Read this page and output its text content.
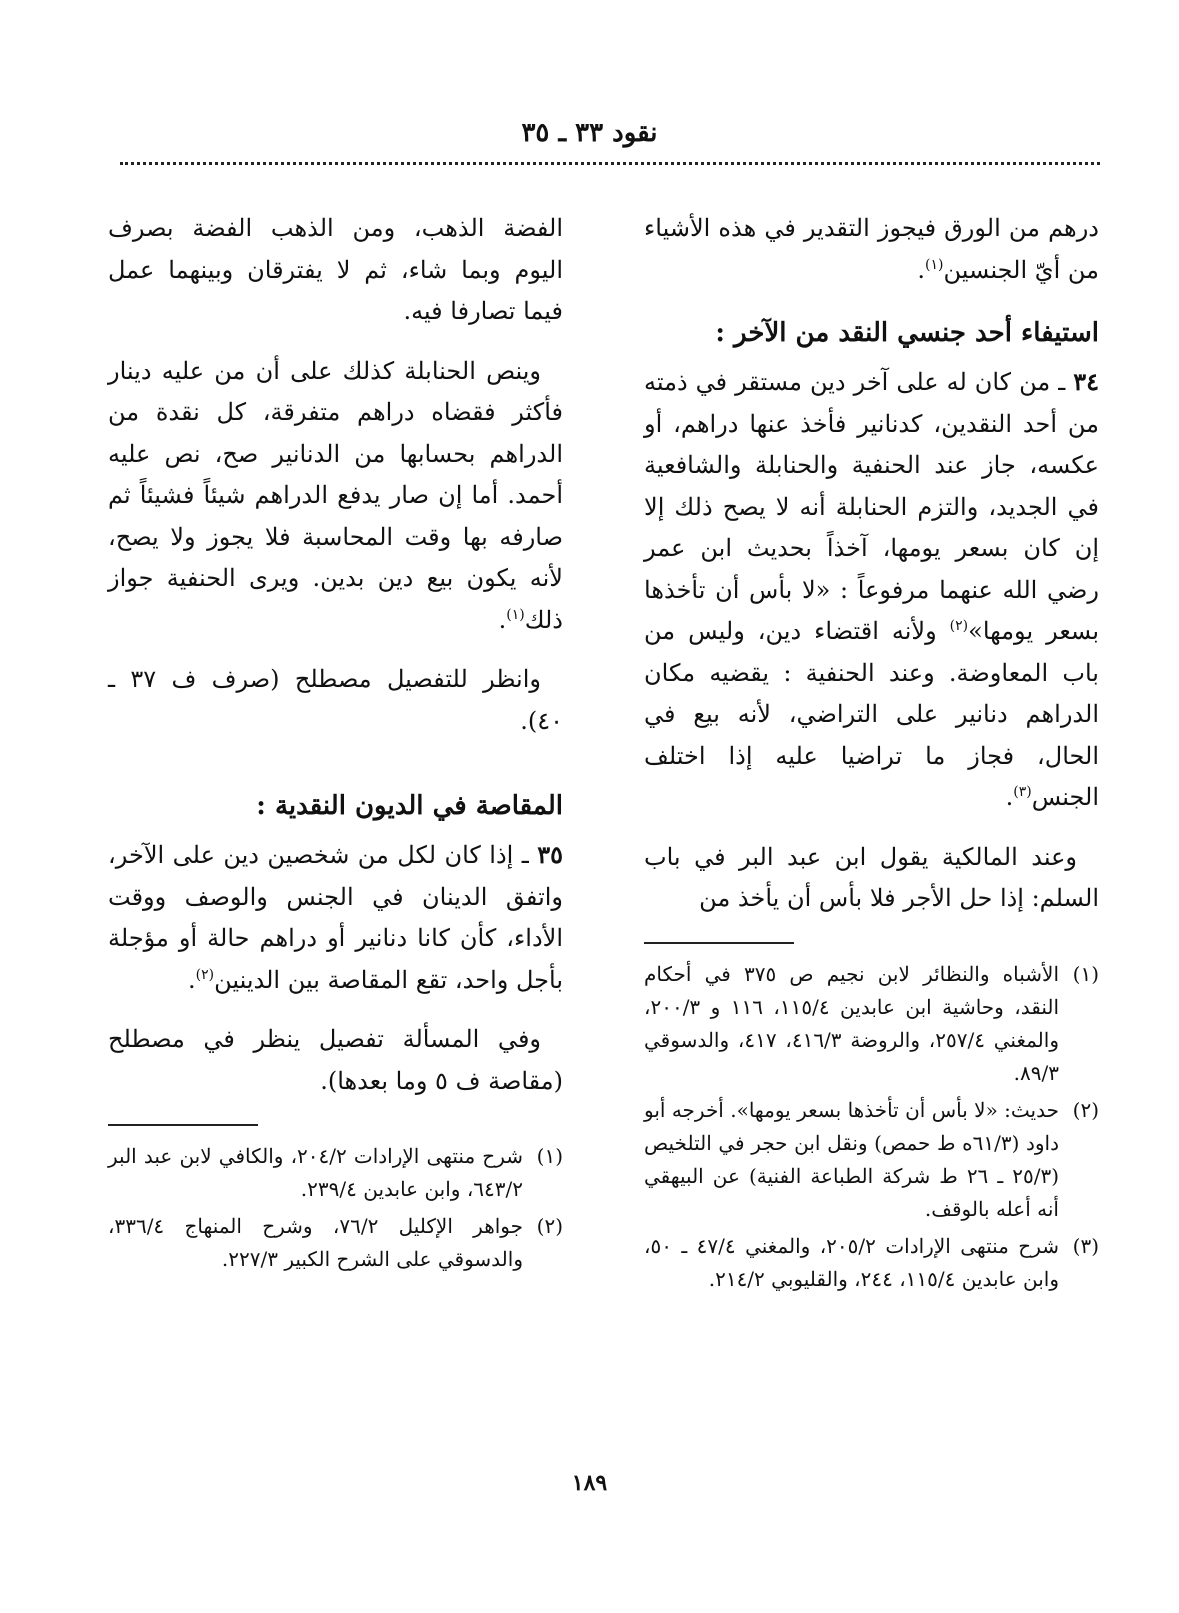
نقود ٣٣ ـ ٣٥

درهم من الورق فيجوز التقدير في هذه الأشياء من أيّ الجنسين$^{(١)}$.

استيفاء أحد جنسي النقد من الآخر :

٣٤ ـ من كان له على آخر دين مستقر في ذمته من أحد النقدين، كدنانير فأخذ عنها دراهم، أو عكسه، جاز عند الحنفية والحنابلة والشافعية في الجديد، والتزم الحنابلة أنه لا يصح ذلك إلا إن كان بسعر يومها، آخذاً بحديث ابن عمر رضي الله عنهما مرفوعاً : «لا بأس أن تأخذها بسعر يومها»$^{(٢)}$ ولأنه اقتضاء دين، وليس من باب المعاوضة. وعند الحنفية : يقضيه مكان الدراهم دنانير على التراضي، لأنه بيع في الحال، فجاز ما تراضيا عليه إذا اختلف الجنس$^{(٣)}$.

وعند المالكية يقول ابن عبد البر في باب السلم: إذا حل الأجر فلا بأس أن يأخذ من

(١)
الأشباه والنظائر لابن نجيم ص ٣٧٥ في أحكام النقد، وحاشية ابن عابدين ١١٥/٤، ١١٦ و ٢٠٠/٣، والمغني ٢٥٧/٤، والروضة ٤١٦/٣، ٤١٧، والدسوقي ٨٩/٣.
(٢)
حديث: «لا بأس أن تأخذها بسعر يومها». أخرجه أبو داود (٦١/٣ه ط حمص) ونقل ابن حجر في التلخيص (٢٥/٣ ـ ٢٦ ط شركة الطباعة الفنية) عن البيهقي أنه أعله بالوقف.
(٣)
شرح منتهى الإرادات ٢٠٥/٢، والمغني ٤٧/٤ ـ ٥٠، وابن عابدين ١١٥/٤، ٢٤٤، والقليوبي ٢١٤/٢.

الفضة الذهب، ومن الذهب الفضة بصرف اليوم وبما شاء، ثم لا يفترقان وبينهما عمل فيما تصارفا فيه.

وينص الحنابلة كذلك على أن من عليه دينار فأكثر فقضاه دراهم متفرقة، كل نقدة من الدراهم بحسابها من الدنانير صح، نص عليه أحمد. أما إن صار يدفع الدراهم شيئاً فشيئاً ثم صارفه بها وقت المحاسبة فلا يجوز ولا يصح، لأنه يكون بيع دين بدين. ويرى الحنفية جواز ذلك$^{(١)}$.

وانظر للتفصيل مصطلح (صرف ف ٣٧ ـ ٤٠).

المقاصة في الديون النقدية :

٣٥ ـ إذا كان لكل من شخصين دين على الآخر، واتفق الدينان في الجنس والوصف ووقت الأداء، كأن كانا دنانير أو دراهم حالة أو مؤجلة بأجل واحد، تقع المقاصة بين الدينين$^{(٢)}$.

وفي المسألة تفصيل ينظر في مصطلح (مقاصة ف ٥ وما بعدها).

(١)
شرح منتهى الإرادات ٢٠٤/٢، والكافي لابن عبد البر ٦٤٣/٢، وابن عابدين ٢٣٩/٤.
(٢)
جواهر الإكليل ٧٦/٢، وشرح المنهاج ٣٣٦/٤، والدسوقي على الشرح الكبير ٢٢٧/٣.
١٨٩
